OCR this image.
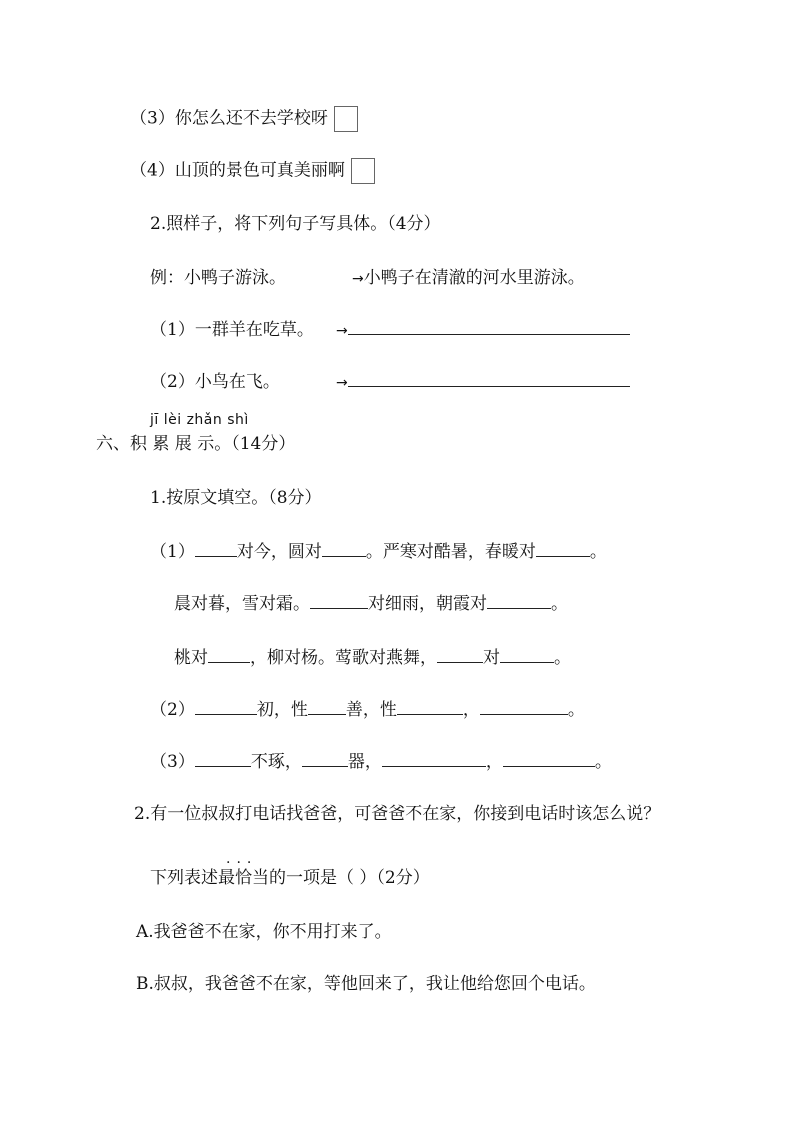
（3）你怎么还不去学校呀
（4）山顶的景色可真美丽啊
2.照样子，将下列句子写具体。（4分）
例：小鸭子游泳。	→小鸭子在清澈的河水里游泳。
（1）一群羊在吃草。 →
（2）小鸟在飞。	→
jī lèi zhǎn shì
六、积 累 展 示。（14分）
1.按原文填空。（8分）
（1） 对今，圆对	。严寒对酷暑，春暖对	。
晨对暮，雪对霜。	对细雨，朝霞对	。
桃对 ，柳对杨。莺歌对燕舞，	对	。
（2）	初，性 善，性	，	。
（3）	不琢，	器，	，	。
2.有一位叔叔打电话找爸爸，可爸爸不在家，你接到电话时该怎么说？
...
下列表述最恰当的一项是（ ）（2分）
A.我爸爸不在家，你不用打来了。
B.叔叔，我爸爸不在家，等他回来了，我让他给您回个电话。
